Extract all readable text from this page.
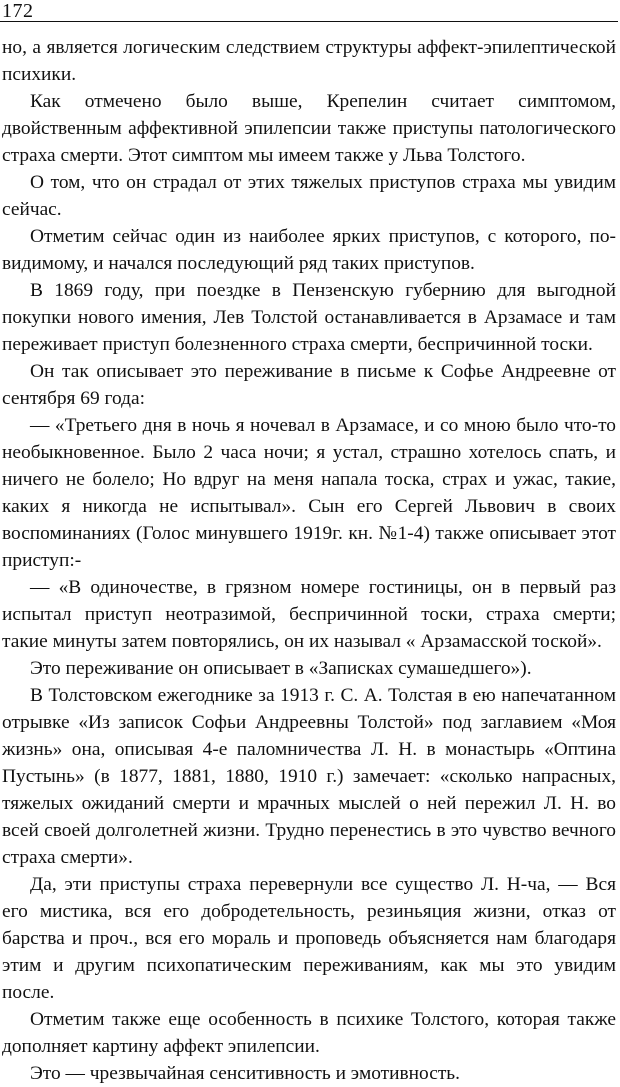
172

но, а является логическим следствием структуры аффект-эпилептической психики.

Как отмечено было выше, Крепелин считает симптомом, двойственным аффективной эпилепсии также приступы патологического страха смерти. Этот симптом мы имеем также у Льва Толстого.

О том, что он страдал от этих тяжелых приступов страха мы увидим сейчас.

Отметим сейчас один из наиболее ярких приступов, с которого, по-видимому, и начался последующий ряд таких приступов.

В 1869 году, при поездке в Пензенскую губернию для выгодной покупки нового имения, Лев Толстой останавливается в Арзамасе и там переживает приступ болезненного страха смерти, беспричинной тоски.

Он так описывает это переживание в письме к Софье Андреевне от сентября 69 года:

— «Третьего дня в ночь я ночевал в Арзамасе, и со мною было что-то необыкновенное. Было 2 часа ночи; я устал, страшно хотелось спать, и ничего не болело; Но вдруг на меня напала тоска, страх и ужас, такие, каких я никогда не испытывал». Сын его Сергей Львович в своих воспоминаниях (Голос минувшего 1919г. кн. №1-4) также описывает этот приступ:-

— «В одиночестве, в грязном номере гостиницы, он в первый раз испытал приступ неотразимой, беспричинной тоски, страха смерти; такие минуты затем повторялись, он их называл « Арзамасской тоской».

Это переживание он описывает в «Записках сумашедшего»).

В Толстовском ежегоднике за 1913 г. С. А. Толстая в ею напечатанном отрывке «Из записок Софьи Андреевны Толстой» под заглавием «Моя жизнь» она, описывая 4-е паломничества Л. Н. в монастырь «Оптина Пустынь» (в 1877, 1881, 1880, 1910 г.) замечает: «сколько напрасных, тяжелых ожиданий смерти и мрачных мыслей о ней пережил Л. Н. во всей своей долголетней жизни. Трудно перенестись в это чувство вечного страха смерти».

Да, эти приступы страха перевернули все существо Л. Н-ча, — Вся его мистика, вся его добродетельность, резиньяция жизни, отказ от барства и проч., вся его мораль и проповедь объясняется нам благодаря этим и другим психопатическим переживаниям, как мы это увидим после.

Отметим также еще особенность в психике Толстого, которая также дополняет картину аффект эпилепсии.

Это — чрезвычайная сенситивность и эмотивность.
